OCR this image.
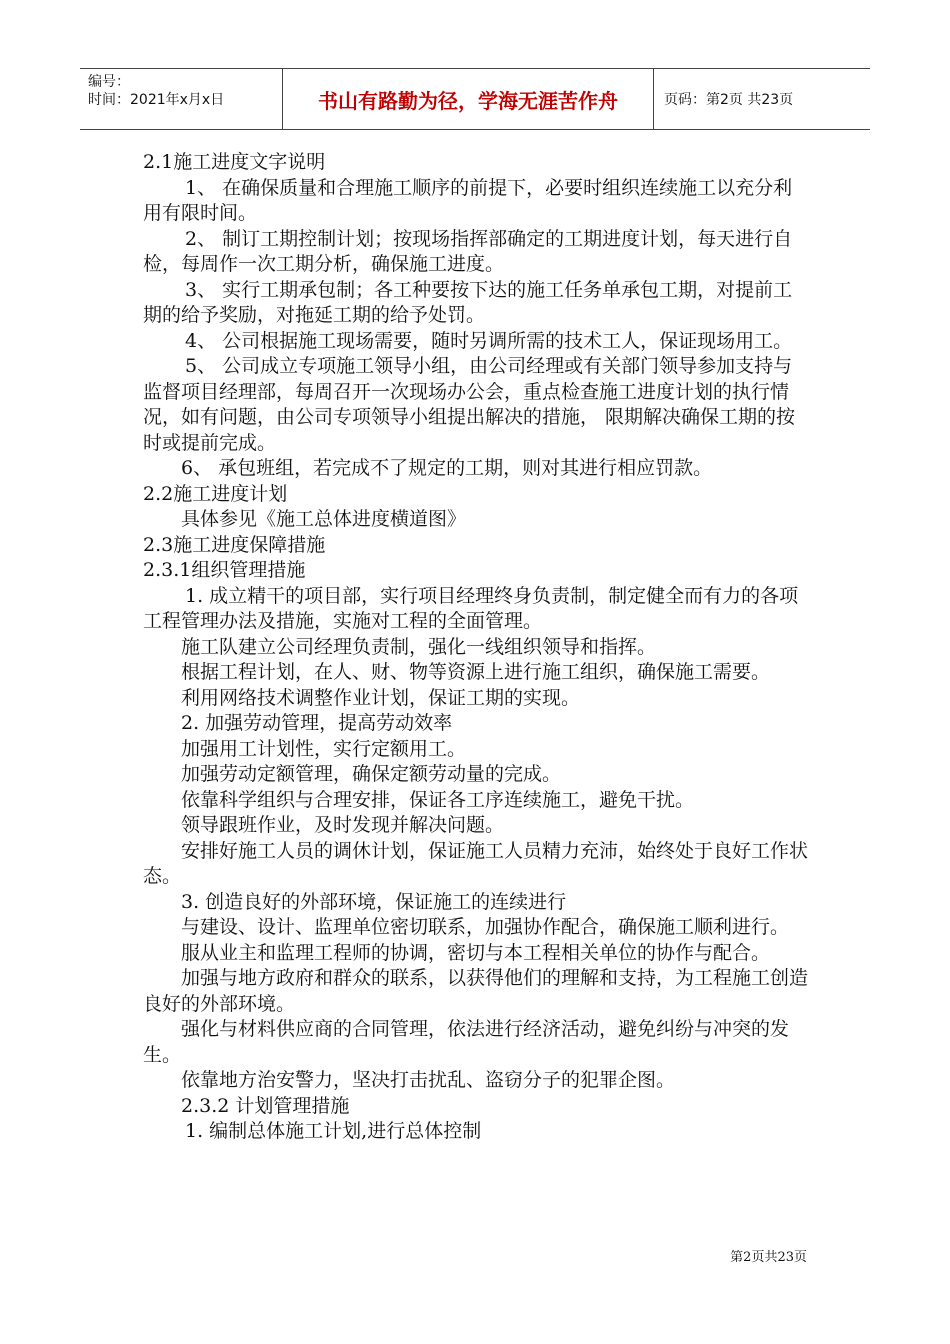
编号：
时间：2021年x月x日	书山有路勤为径，学海无涯苦作舟	页码：第2页 共23页

2.1施工进度文字说明

1、 在确保质量和合理施工顺序的前提下，必要时组织连续施工以充分利用有限时间。

2、 制订工期控制计划；按现场指挥部确定的工期进度计划，每天进行自检，每周作一次工期分析，确保施工进度。

3、 实行工期承包制；各工种要按下达的施工任务单承包工期，对提前工期的给予奖励，对拖延工期的给予处罚。

4、 公司根据施工现场需要，随时另调所需的技术工人，保证现场用工。

5、 公司成立专项施工领导小组，由公司经理或有关部门领导参加支持与监督项目经理部，每周召开一次现场办公会，重点检查施工进度计划的执行情况，如有问题，由公司专项领导小组提出解决的措施， 限期解决确保工期的按时或提前完成。

6、 承包班组，若完成不了规定的工期，则对其进行相应罚款。

2.2施工进度计划

具体参见《施工总体进度横道图》

2.3施工进度保障措施

2.3.1组织管理措施

1. 成立精干的项目部，实行项目经理终身负责制，制定健全而有力的各项工程管理办法及措施，实施对工程的全面管理。

施工队建立公司经理负责制，强化一线组织领导和指挥。

根据工程计划，在人、财、物等资源上进行施工组织，确保施工需要。

利用网络技术调整作业计划，保证工期的实现。

2. 加强劳动管理，提高劳动效率

加强用工计划性，实行定额用工。

加强劳动定额管理，确保定额劳动量的完成。

依靠科学组织与合理安排，保证各工序连续施工，避免干扰。

领导跟班作业，及时发现并解决问题。

安排好施工人员的调休计划，保证施工人员精力充沛，始终处于良好工作状态。

3. 创造良好的外部环境，保证施工的连续进行

与建设、设计、监理单位密切联系，加强协作配合，确保施工顺利进行。

服从业主和监理工程师的协调，密切与本工程相关单位的协作与配合。

加强与地方政府和群众的联系，以获得他们的理解和支持，为工程施工创造良好的外部环境。

强化与材料供应商的合同管理，依法进行经济活动，避免纠纷与冲突的发生。

依靠地方治安警力，坚决打击扰乱、盗窃分子的犯罪企图。

2.3.2 计划管理措施

1. 编制总体施工计划,进行总体控制

第2页共23页
